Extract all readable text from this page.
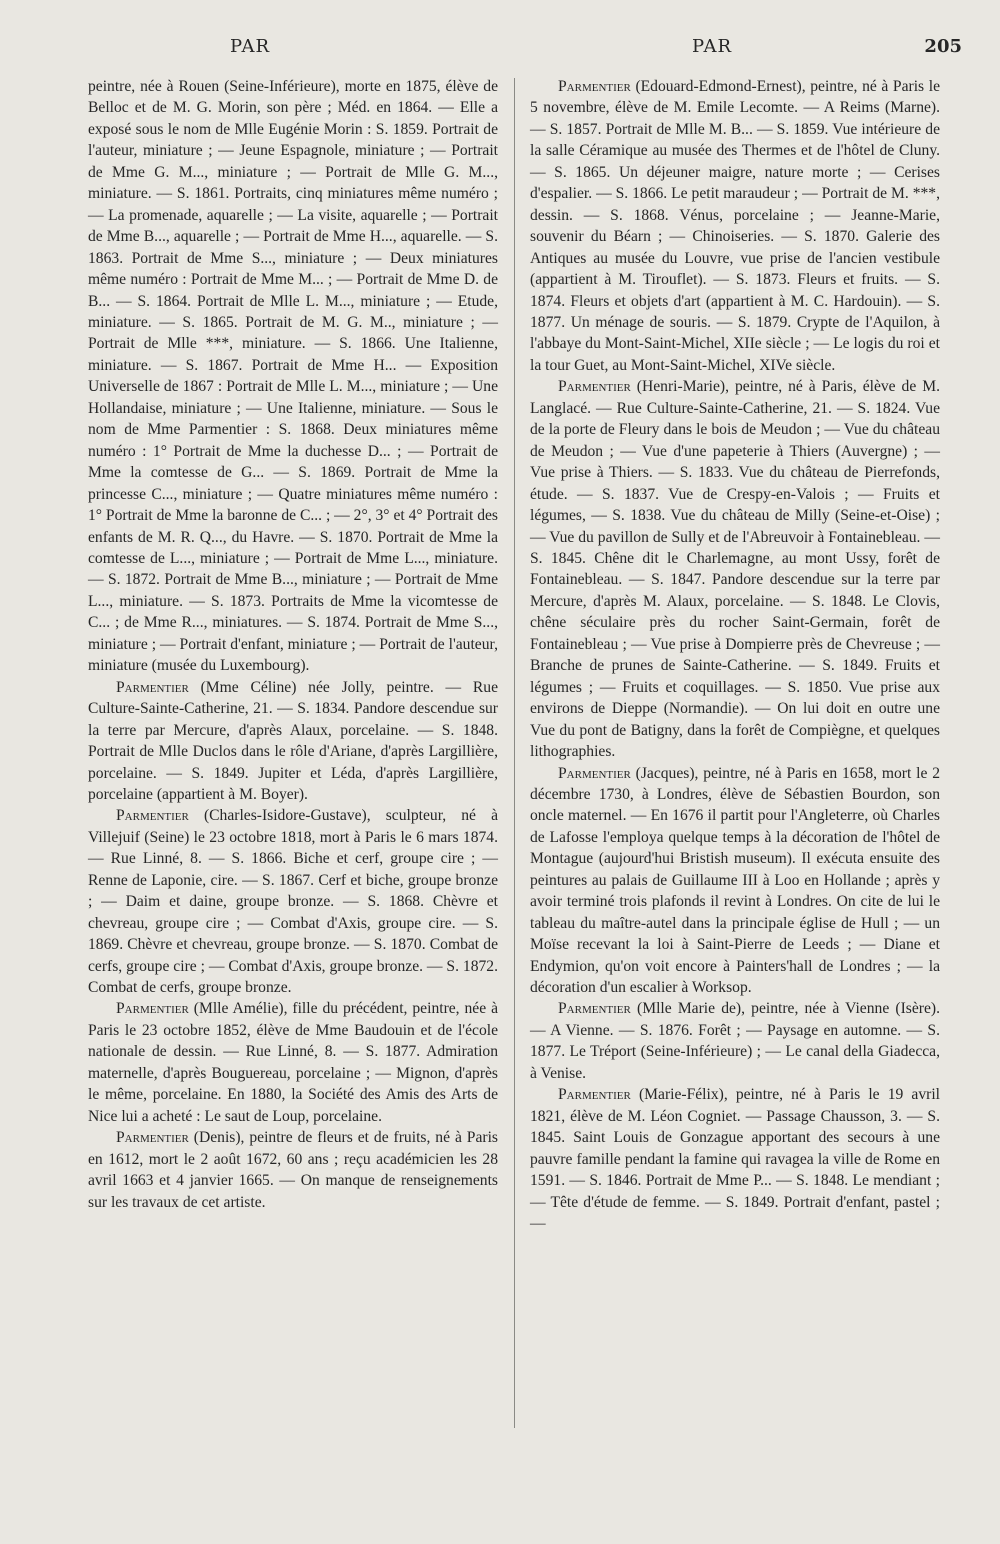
PAR	PAR	205

peintre, née à Rouen (Seine-Inférieure), morte en 1875, élève de Belloc et de M. G. Morin, son père ; Méd. en 1864. — Elle a exposé sous le nom de Mlle Eugénie Morin : S. 1859. Portrait de l'auteur, miniature ; — Jeune Espagnole, miniature ; — Portrait de Mme G. M..., miniature ; — Portrait de Mlle G. M..., miniature. — S. 1861. Portraits, cinq miniatures même numéro ; — La promenade, aquarelle ; — La visite, aquarelle ; — Portrait de Mme B..., aquarelle ; — Portrait de Mme H..., aquarelle. — S. 1863. Portrait de Mme S..., miniature ; — Deux miniatures même numéro : Portrait de Mme M... ; — Portrait de Mme D. de B... — S. 1864. Portrait de Mlle L. M..., miniature ; — Etude, miniature. — S. 1865. Portrait de M. G. M.., miniature ; — Portrait de Mlle ***, miniature. — S. 1866. Une Italienne, miniature. — S. 1867. Portrait de Mme H... — Exposition Universelle de 1867 : Portrait de Mlle L. M..., miniature ; — Une Hollandaise, miniature ; — Une Italienne, miniature. — Sous le nom de Mme Parmentier : S. 1868. Deux miniatures même numéro : 1° Portrait de Mme la duchesse D... ; — Portrait de Mme la comtesse de G... — S. 1869. Portrait de Mme la princesse C..., miniature ; — Quatre miniatures même numéro : 1° Portrait de Mme la baronne de C... ; — 2°, 3° et 4° Portrait des enfants de M. R. Q..., du Havre. — S. 1870. Portrait de Mme la comtesse de L..., miniature ; — Portrait de Mme L..., miniature. — S. 1872. Portrait de Mme B..., miniature ; — Portrait de Mme L..., miniature. — S. 1873. Portraits de Mme la vicomtesse de C... ; de Mme R..., miniatures. — S. 1874. Portrait de Mme S..., miniature ; — Portrait d'enfant, miniature ; — Portrait de l'auteur, miniature (musée du Luxembourg).

Parmentier (Mme Céline) née Jolly, peintre. — Rue Culture-Sainte-Catherine, 21. — S. 1834. Pandore descendue sur la terre par Mercure, d'après Alaux, porcelaine. — S. 1848. Portrait de Mlle Duclos dans le rôle d'Ariane, d'après Largillière, porcelaine. — S. 1849. Jupiter et Léda, d'après Largillière, porcelaine (appartient à M. Boyer).

Parmentier (Charles-Isidore-Gustave), sculpteur, né à Villejuif (Seine) le 23 octobre 1818, mort à Paris le 6 mars 1874. — Rue Linné, 8. — S. 1866. Biche et cerf, groupe cire ; — Renne de Laponie, cire. — S. 1867. Cerf et biche, groupe bronze ; — Daim et daine, groupe bronze. — S. 1868. Chèvre et chevreau, groupe cire ; — Combat d'Axis, groupe cire. — S. 1869. Chèvre et chevreau, groupe bronze. — S. 1870. Combat de cerfs, groupe cire ; — Combat d'Axis, groupe bronze. — S. 1872. Combat de cerfs, groupe bronze.

Parmentier (Mlle Amélie), fille du précédent, peintre, née à Paris le 23 octobre 1852, élève de Mme Baudouin et de l'école nationale de dessin. — Rue Linné, 8. — S. 1877. Admiration maternelle, d'après Bouguereau, porcelaine ; — Mignon, d'après le même, porcelaine. En 1880, la Société des Amis des Arts de Nice lui a acheté : Le saut de Loup, porcelaine.

Parmentier (Denis), peintre de fleurs et de fruits, né à Paris en 1612, mort le 2 août 1672, 60 ans ; reçu académicien les 28 avril 1663 et 4 janvier 1665. — On manque de renseignements sur les travaux de cet artiste.

Parmentier (Edouard-Edmond-Ernest), peintre, né à Paris le 5 novembre, élève de M. Emile Lecomte. — A Reims (Marne). — S. 1857. Portrait de Mlle M. B... — S. 1859. Vue intérieure de la salle Céramique au musée des Thermes et de l'hôtel de Cluny. — S. 1865. Un déjeuner maigre, nature morte ; — Cerises d'espalier. — S. 1866. Le petit maraudeur ; — Portrait de M. ***, dessin. — S. 1868. Vénus, porcelaine ; — Jeanne-Marie, souvenir du Béarn ; — Chinoiseries. — S. 1870. Galerie des Antiques au musée du Louvre, vue prise de l'ancien vestibule (appartient à M. Tirouflet). — S. 1873. Fleurs et fruits. — S. 1874. Fleurs et objets d'art (appartient à M. C. Hardouin). — S. 1877. Un ménage de souris. — S. 1879. Crypte de l'Aquilon, à l'abbaye du Mont-Saint-Michel, XIIe siècle ; — Le logis du roi et la tour Guet, au Mont-Saint-Michel, XIVe siècle.

Parmentier (Henri-Marie), peintre, né à Paris, élève de M. Langlacé. — Rue Culture-Sainte-Catherine, 21. — S. 1824. Vue de la porte de Fleury dans le bois de Meudon ; — Vue du château de Meudon ; — Vue d'une papeterie à Thiers (Auvergne) ; — Vue prise à Thiers. — S. 1833. Vue du château de Pierrefonds, étude. — S. 1837. Vue de Crespy-en-Valois ; — Fruits et légumes, — S. 1838. Vue du château de Milly (Seine-et-Oise) ; — Vue du pavillon de Sully et de l'Abreuvoir à Fontainebleau. — S. 1845. Chêne dit le Charlemagne, au mont Ussy, forêt de Fontainebleau. — S. 1847. Pandore descendue sur la terre par Mercure, d'après M. Alaux, porcelaine. — S. 1848. Le Clovis, chêne séculaire près du rocher Saint-Germain, forêt de Fontainebleau ; — Vue prise à Dompierre près de Chevreuse ; — Branche de prunes de Sainte-Catherine. — S. 1849. Fruits et légumes ; — Fruits et coquillages. — S. 1850. Vue prise aux environs de Dieppe (Normandie). — On lui doit en outre une Vue du pont de Batigny, dans la forêt de Compiègne, et quelques lithographies.

Parmentier (Jacques), peintre, né à Paris en 1658, mort le 2 décembre 1730, à Londres, élève de Sébastien Bourdon, son oncle maternel. — En 1676 il partit pour l'Angleterre, où Charles de Lafosse l'employa quelque temps à la décoration de l'hôtel de Montague (aujourd'hui Bristish museum). Il exécuta ensuite des peintures au palais de Guillaume III à Loo en Hollande ; après y avoir terminé trois plafonds il revint à Londres. On cite de lui le tableau du maître-autel dans la principale église de Hull ; — un Moïse recevant la loi à Saint-Pierre de Leeds ; — Diane et Endymion, qu'on voit encore à Painters'hall de Londres ; — la décoration d'un escalier à Worksop.

Parmentier (Mlle Marie de), peintre, née à Vienne (Isère). — A Vienne. — S. 1876. Forêt ; — Paysage en automne. — S. 1877. Le Tréport (Seine-Inférieure) ; — Le canal della Giadecca, à Venise.

Parmentier (Marie-Félix), peintre, né à Paris le 19 avril 1821, élève de M. Léon Cogniet. — Passage Chausson, 3. — S. 1845. Saint Louis de Gonzague apportant des secours à une pauvre famille pendant la famine qui ravagea la ville de Rome en 1591. — S. 1846. Portrait de Mme P... — S. 1848. Le mendiant ; — Tête d'étude de femme. — S. 1849. Portrait d'enfant, pastel ; —
